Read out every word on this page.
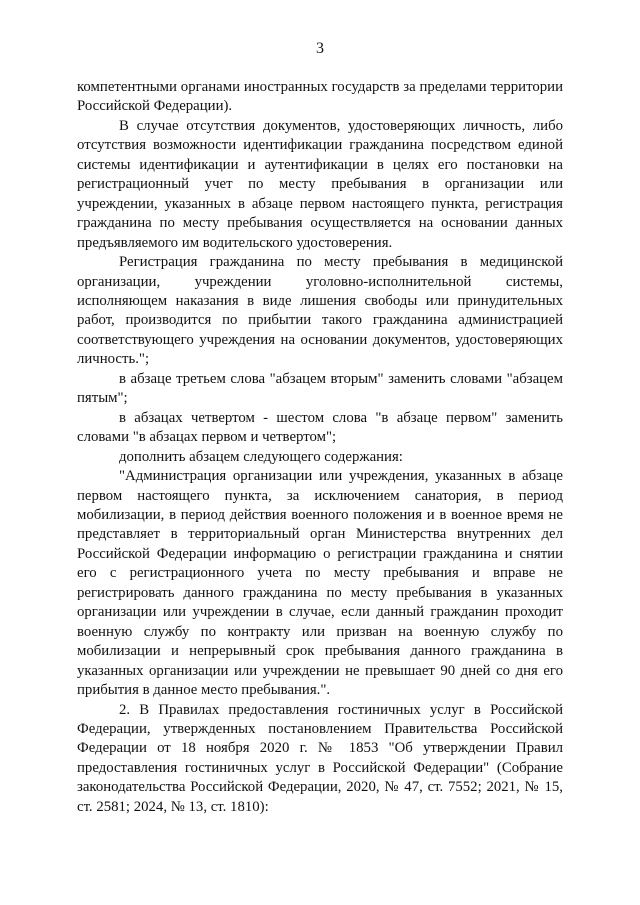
3

компетентными органами иностранных государств за пределами территории Российской Федерации).

В случае отсутствия документов, удостоверяющих личность, либо отсутствия возможности идентификации гражданина посредством единой системы идентификации и аутентификации в целях его постановки на регистрационный учет по месту пребывания в организации или учреждении, указанных в абзаце первом настоящего пункта, регистрация гражданина по месту пребывания осуществляется на основании данных предъявляемого им водительского удостоверения.

Регистрация гражданина по месту пребывания в медицинской организации, учреждении уголовно-исполнительной системы, исполняющем наказания в виде лишения свободы или принудительных работ, производится по прибытии такого гражданина администрацией соответствующего учреждения на основании документов, удостоверяющих личность.";

в абзаце третьем слова "абзацем вторым" заменить словами "абзацем пятым";

в абзацах четвертом - шестом слова "в абзаце первом" заменить словами "в абзацах первом и четвертом";

дополнить абзацем следующего содержания:

"Администрация организации или учреждения, указанных в абзаце первом настоящего пункта, за исключением санатория, в период мобилизации, в период действия военного положения и в военное время не представляет в территориальный орган Министерства внутренних дел Российской Федерации информацию о регистрации гражданина и снятии его с регистрационного учета по месту пребывания и вправе не регистрировать данного гражданина по месту пребывания в указанных организации или учреждении в случае, если данный гражданин проходит военную службу по контракту или призван на военную службу по мобилизации и непрерывный срок пребывания данного гражданина в указанных организации или учреждении не превышает 90 дней со дня его прибытия в данное место пребывания.".

2. В Правилах предоставления гостиничных услуг в Российской Федерации, утвержденных постановлением Правительства Российской Федерации от 18 ноября 2020 г. № 1853 "Об утверждении Правил предоставления гостиничных услуг в Российской Федерации" (Собрание законодательства Российской Федерации, 2020, № 47, ст. 7552; 2021, № 15, ст. 2581; 2024, № 13, ст. 1810):
